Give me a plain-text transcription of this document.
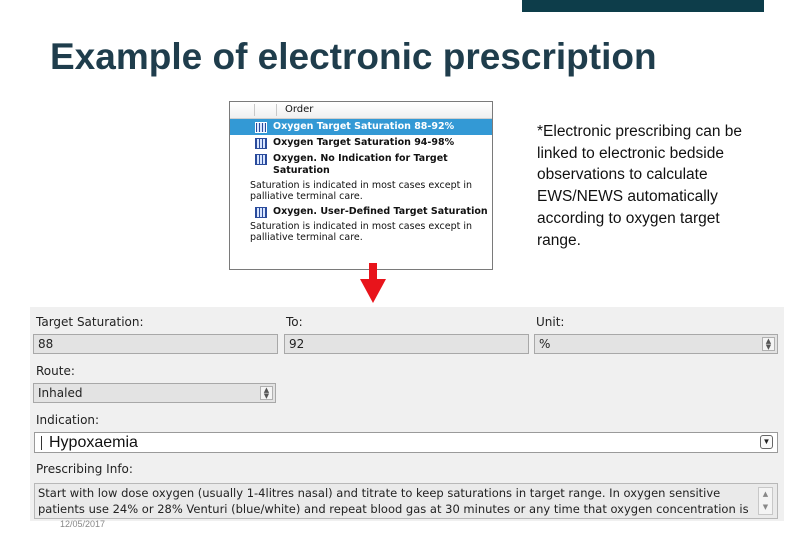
Example of electronic prescription
Order
Oxygen Target Saturation 88-92%
Oxygen Target Saturation 94-98%
Oxygen. No Indication for Target Saturation
Saturation is indicated in most cases except in palliative terminal care.
Oxygen. User-Defined Target Saturation
Saturation is indicated in most cases except in palliative terminal care.
*Electronic prescribing can be linked to electronic bedside observations to calculate EWS/NEWS automatically according to oxygen target range.
Target Saturation:
88
To:
92
Unit:
%	▲
▼
Route:
Inhaled	▲
▼
Indication:
Hypoxaemia	▼
Prescribing Info:
Start with low dose oxygen (usually 1-4litres nasal) and titrate to keep saturations in target range. In oxygen sensitive patients use 24% or 28% Venturi (blue/white) and repeat blood gas at 30 minutes or any time that oxygen concentration is
▲
▼
12/05/2017
